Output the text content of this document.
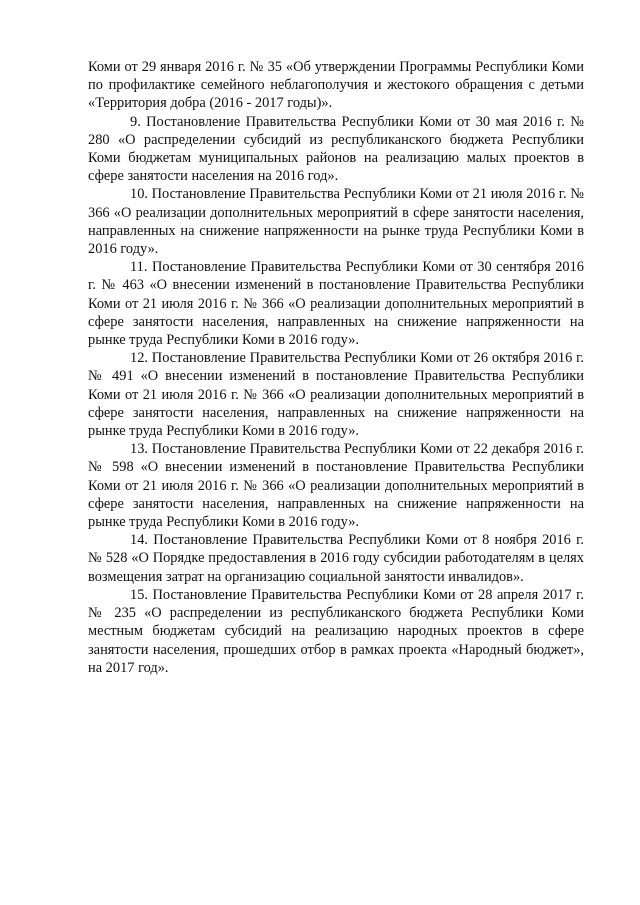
Коми от 29 января 2016 г. № 35 «Об утверждении Программы Республики Коми по профилактике семейного неблагополучия и жестокого обращения с детьми «Территория добра (2016 - 2017 годы)».

9. Постановление Правительства Республики Коми от 30 мая 2016 г. № 280 «О распределении субсидий из республиканского бюджета Республики Коми бюджетам муниципальных районов на реализацию малых проектов в сфере занятости населения на 2016 год».

10. Постановление Правительства Республики Коми от 21 июля 2016 г. № 366 «О реализации дополнительных мероприятий в сфере занятости населения, направленных на снижение напряженности на рынке труда Республики Коми в 2016 году».

11. Постановление Правительства Республики Коми от 30 сентября 2016 г. № 463 «О внесении изменений в постановление Правительства Республики Коми от 21 июля 2016 г. № 366 «О реализации дополнительных мероприятий в сфере занятости населения, направленных на снижение напряженности на рынке труда Республики Коми в 2016 году».

12. Постановление Правительства Республики Коми от 26 октября 2016 г. № 491 «О внесении изменений в постановление Правительства Республики Коми от 21 июля 2016 г. № 366 «О реализации дополнительных мероприятий в сфере занятости населения, направленных на снижение напряженности на рынке труда Республики Коми в 2016 году».

13. Постановление Правительства Республики Коми от 22 декабря 2016 г. № 598 «О внесении изменений в постановление Правительства Республики Коми от 21 июля 2016 г. № 366 «О реализации дополнительных мероприятий в сфере занятости населения, направленных на снижение напряженности на рынке труда Республики Коми в 2016 году».

14. Постановление Правительства Республики Коми от 8 ноября 2016 г. № 528 «О Порядке предоставления в 2016 году субсидии работодателям в целях возмещения затрат на организацию социальной занятости инвалидов».

15. Постановление Правительства Республики Коми от 28 апреля 2017 г. № 235 «О распределении из республиканского бюджета Республики Коми местным бюджетам субсидий на реализацию народных проектов в сфере занятости населения, прошедших отбор в рамках проекта «Народный бюджет», на 2017 год».
